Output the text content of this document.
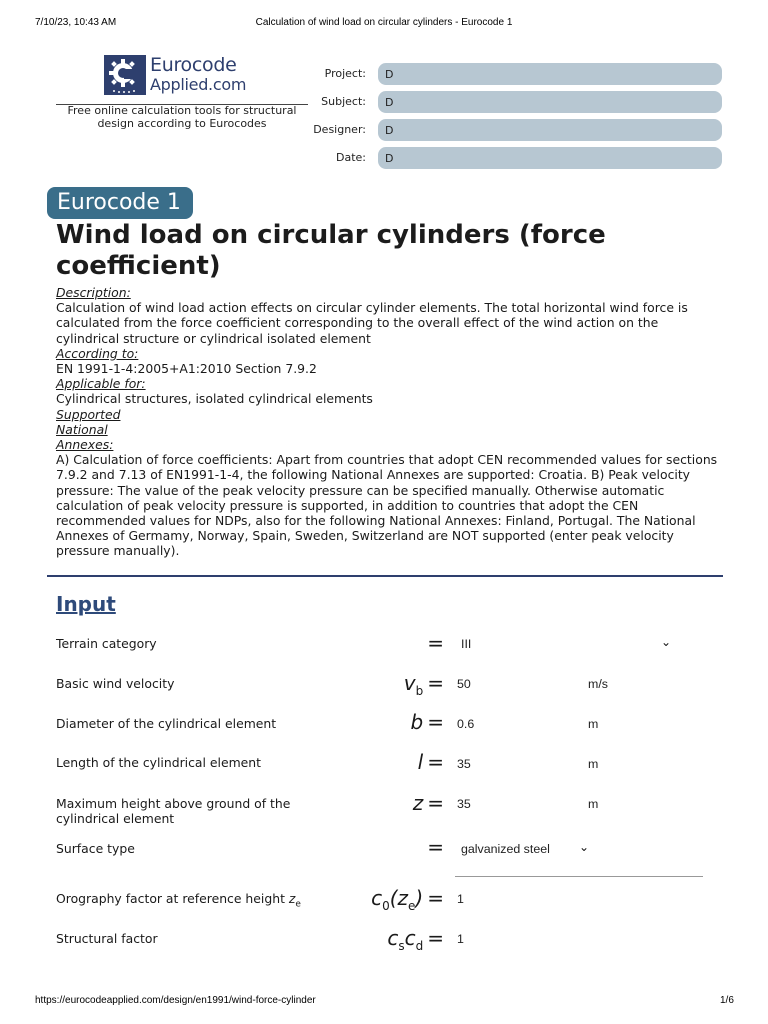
7/10/23, 10:43 AM	Calculation of wind load on circular cylinders - Eurocode 1
Eurocode
Applied.com
Free online calculation tools for structural design according to Eurocodes
Project:	D
Subject:	D
Designer:	D
Date:	D
Eurocode 1
Wind load on circular cylinders (force coefficient)
Description:

Calculation of wind load action effects on circular cylinder elements. The total horizontal wind force is calculated from the force coefficient corresponding to the overall effect of the wind action on the cylindrical structure or cylindrical isolated element

According to:

EN 1991-1-4:2005+A1:2010 Section 7.9.2

Applicable for:

Cylindrical structures, isolated cylindrical elements

Supported National Annexes:

A) Calculation of force coefficients: Apart from countries that adopt CEN recommended values for sections 7.9.2 and 7.13 of EN1991-1-4, the following National Annexes are supported: Croatia. B) Peak velocity pressure: The value of the peak velocity pressure can be specified manually. Otherwise automatic calculation of peak velocity pressure is supported, in addition to countries that adopt the CEN recommended values for NDPs, also for the following National Annexes: Finland, Portugal. The National Annexes of Germamy, Norway, Spain, Sweden, Switzerland are NOT supported (enter peak velocity pressure manually).

Input
Terrain category	= III	⌄
Basic wind velocity	$v_b = 50$	m/s
Diameter of the cylindrical element	b = 0.6	m
Length of the cylindrical element	l = 35	m
Maximum height above ground of the
cylindrical element
z = 35	m
Surface type	= galvanized steel ⌄
Orography factor at reference height $z_e$	$c_0(z_e) = 1$
Structural factor	$c_sc_d = 1$
https://eurocodeapplied.com/design/en1991/wind-force-cylinder	1/6
